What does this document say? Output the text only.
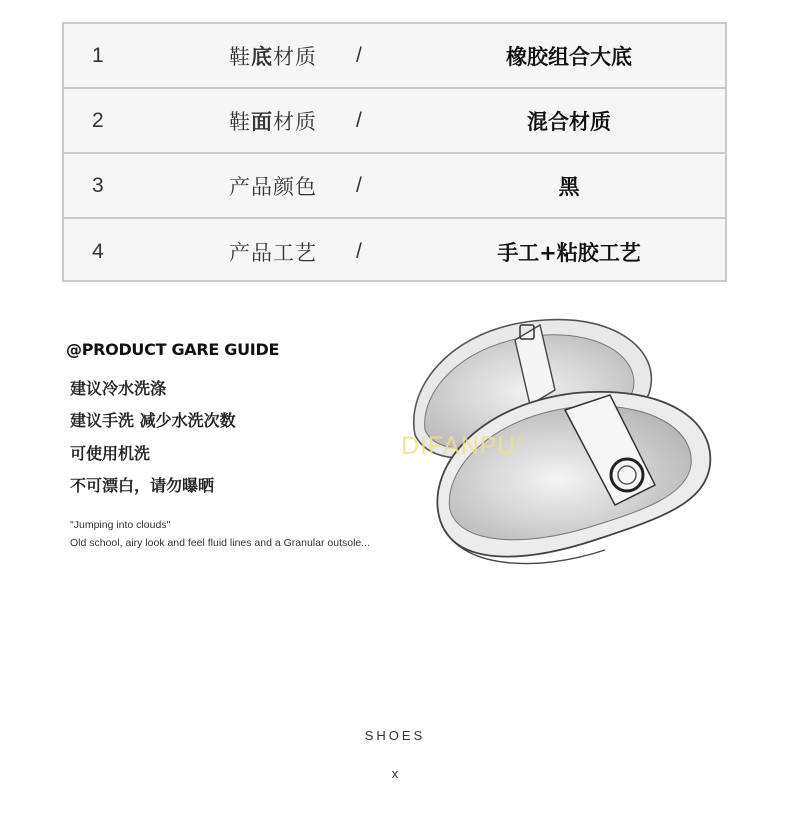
1	鞋 底 材质 /	橡胶组合大底
2	鞋 面 材质 /	混合材质
3	产品颜色 /	黑
4	产品工艺 /	手工+粘胶工艺
@PRODUCT GARE GUIDE
建议冷水洗涤
建议手洗 减少水洗次数
可使用机洗
不可漂白，请勿曝晒
"Jumping into clouds"
Old school, airy look and feel fluid lines and a Granular outsole...
DIFANPU®
SHOES
x
